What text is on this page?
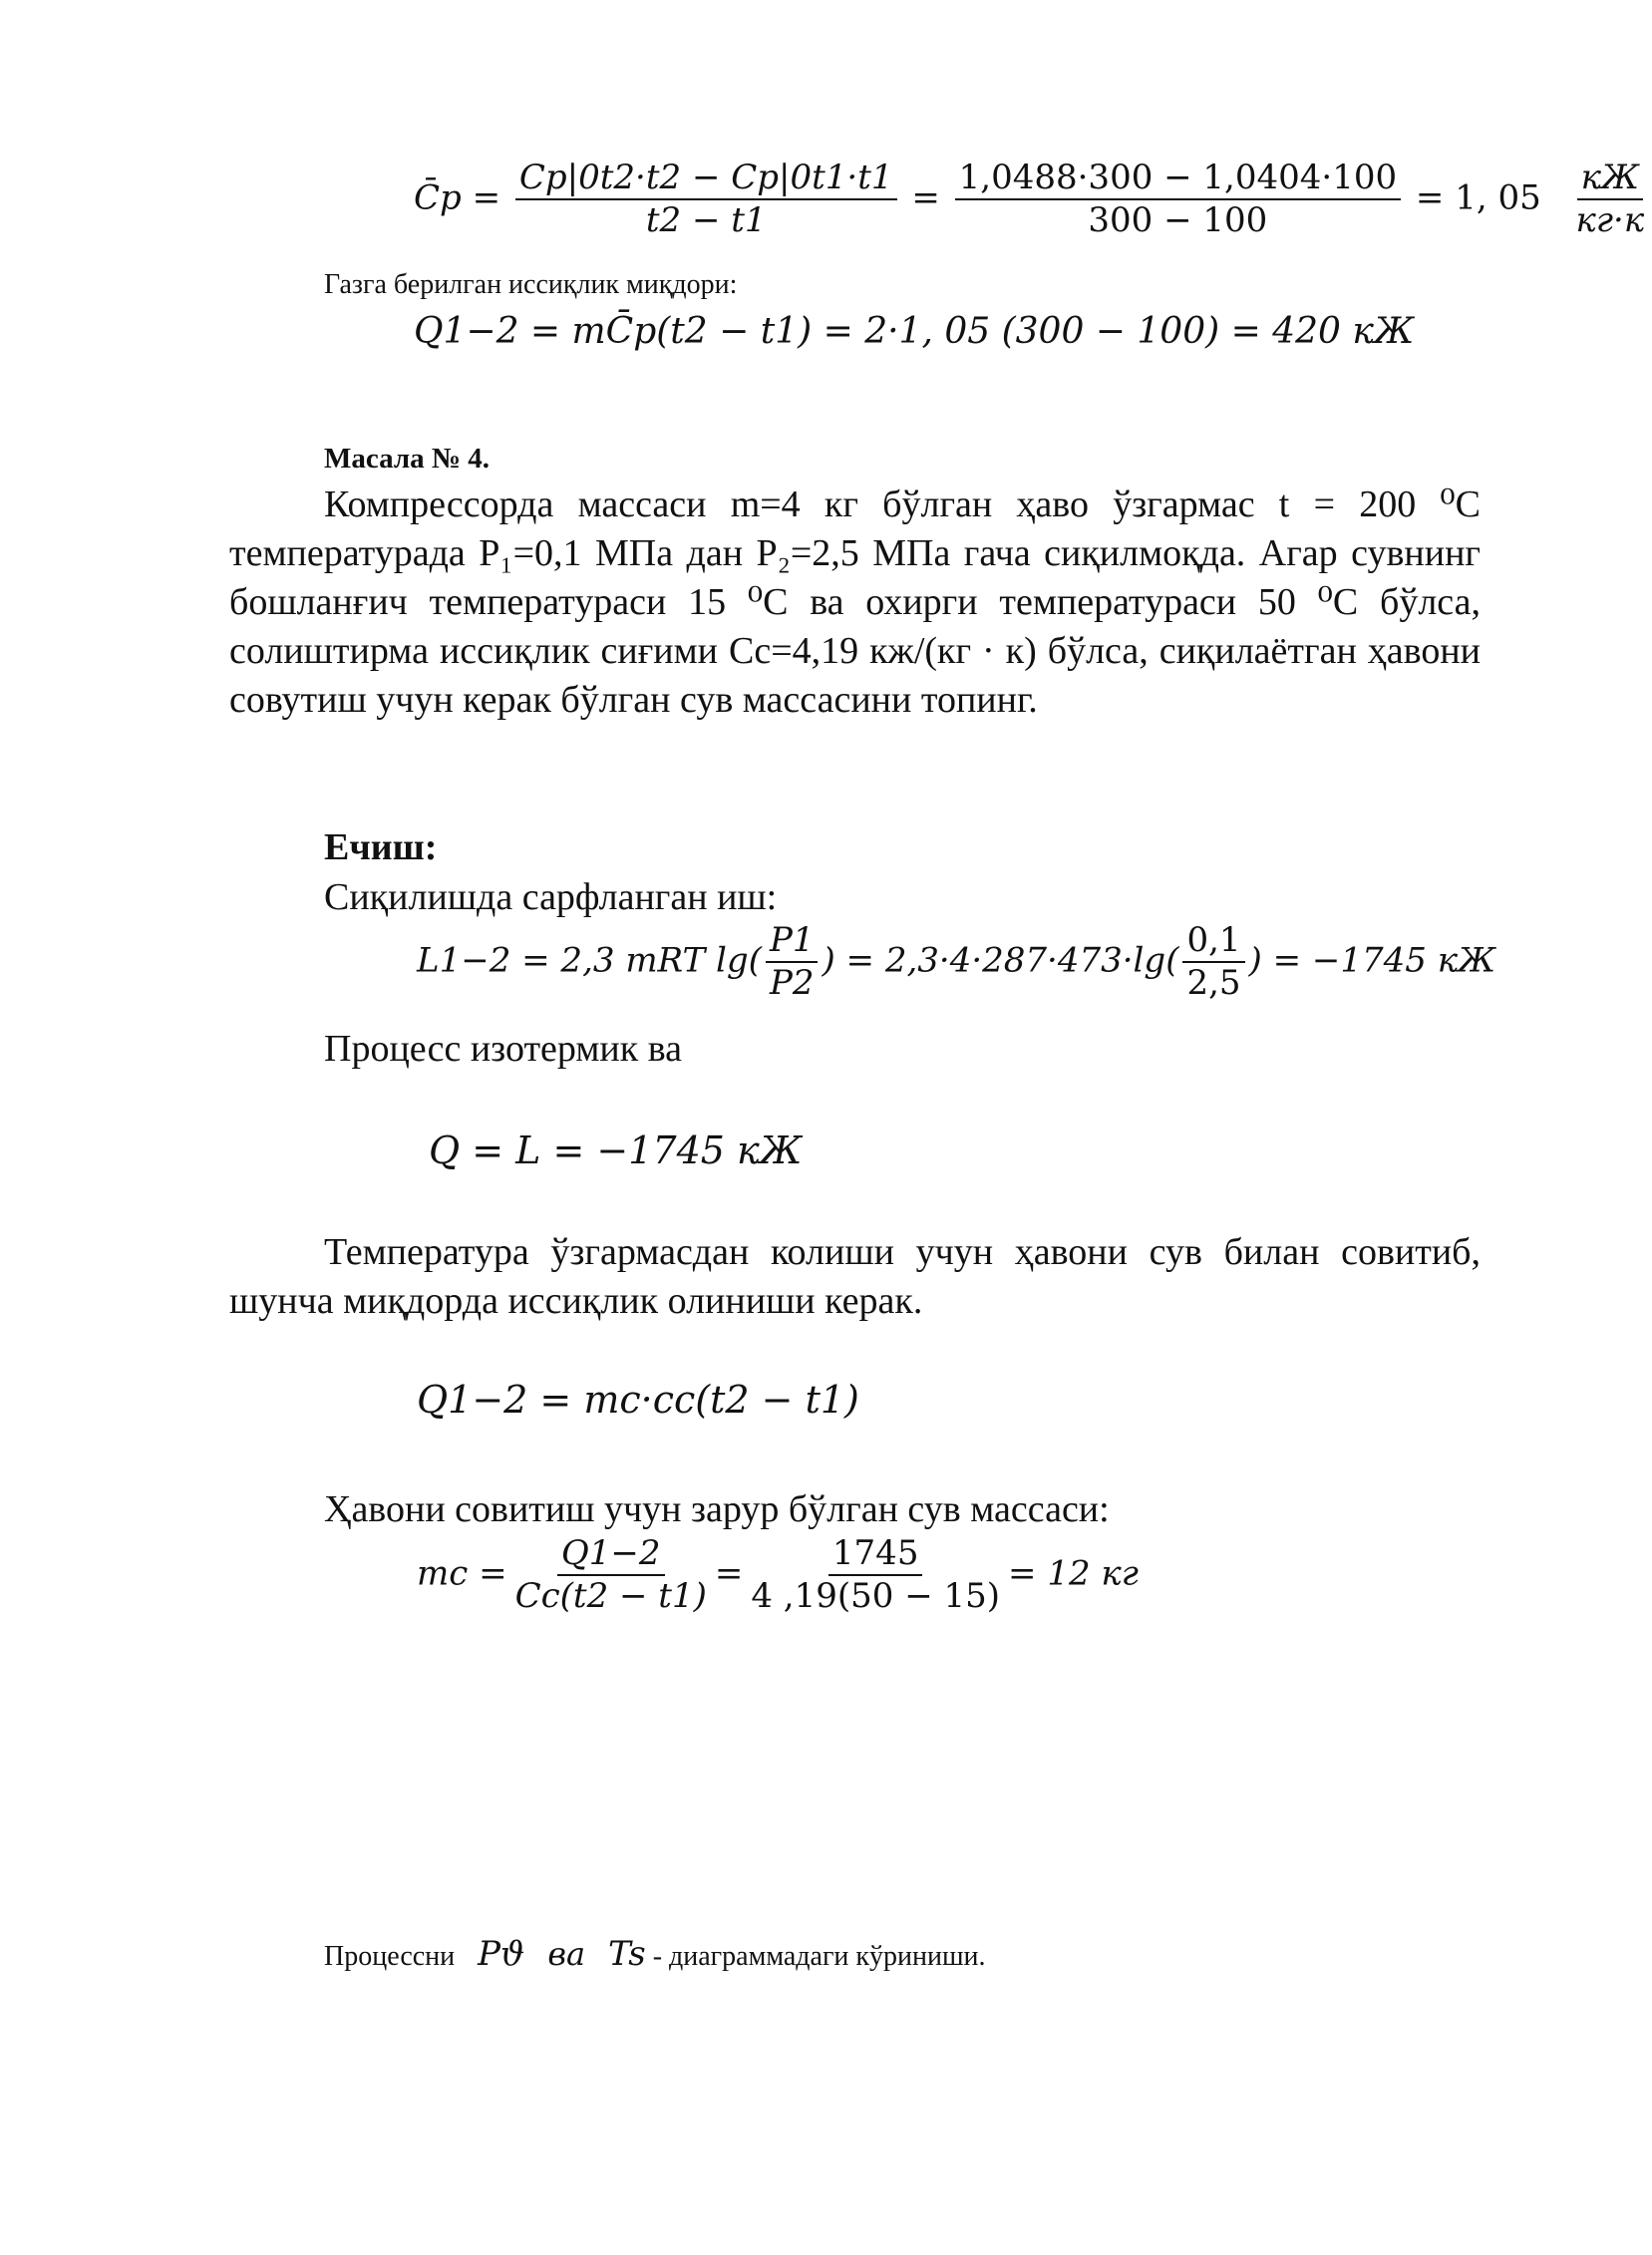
C̄p = $\frac{Cp|0t2\cdot t2 - Cp|0t1\cdot t1}{t2 - t1} = \frac{1,0488\cdot 300 - 1,0404\cdot 100}{300 - 100} = 1$, $05 \frac{кЖ}{кг\cdot к}$
Газга берилган иссиқлик миқдори:
Q1−2 = mC̄p(t2 − t1) = 2·1, 05 (300 − 100) = 420 кЖ
Масала № 4.
Компрессорда массаси m=4 кг бўлган ҳаво ўзгармас t = 200 ⁰С температурада P₁=0,1 МПа дан P₂=2,5 МПа гача сиқилмоқда. Агар сувнинг бошланғич температураси 15 ⁰С ва охирги температураси 50 ⁰С бўлса, солиштирма иссиқлик сиғими Cс=4,19 кж/(кг · к) бўлса, сиқилаётган ҳавони совутиш учун керак бўлган сув массасини топинг.
Ечиш:
Сиқилишда сарфланган иш:
L1−2 = 2,3 mRT $\lg( \frac{P1}{P2}$ ) = $2,3\cdot 4\cdot 287\cdot 473\cdot\lg( \frac{0,1}{2,5}$ ) = −1745 кЖ
Процесс изотермик ва
Q = L = −1745 кЖ
Температура ўзгармасдан колиши учун ҳавони сув билан совитиб, шунча миқдорда иссиқлик олиниши керак.
Q1−2 = mc·cc(t2 − t1)
Ҳавони совитиш учун зарур бўлган сув массаси:
mc = $\frac{Q1-2}{Cc(t2 - t1)} = \frac{1745}{4 ,19(50 - 15)} = 12$ кг
Процессни Pϑ ва Ts - диаграммадаги кўриниши.
